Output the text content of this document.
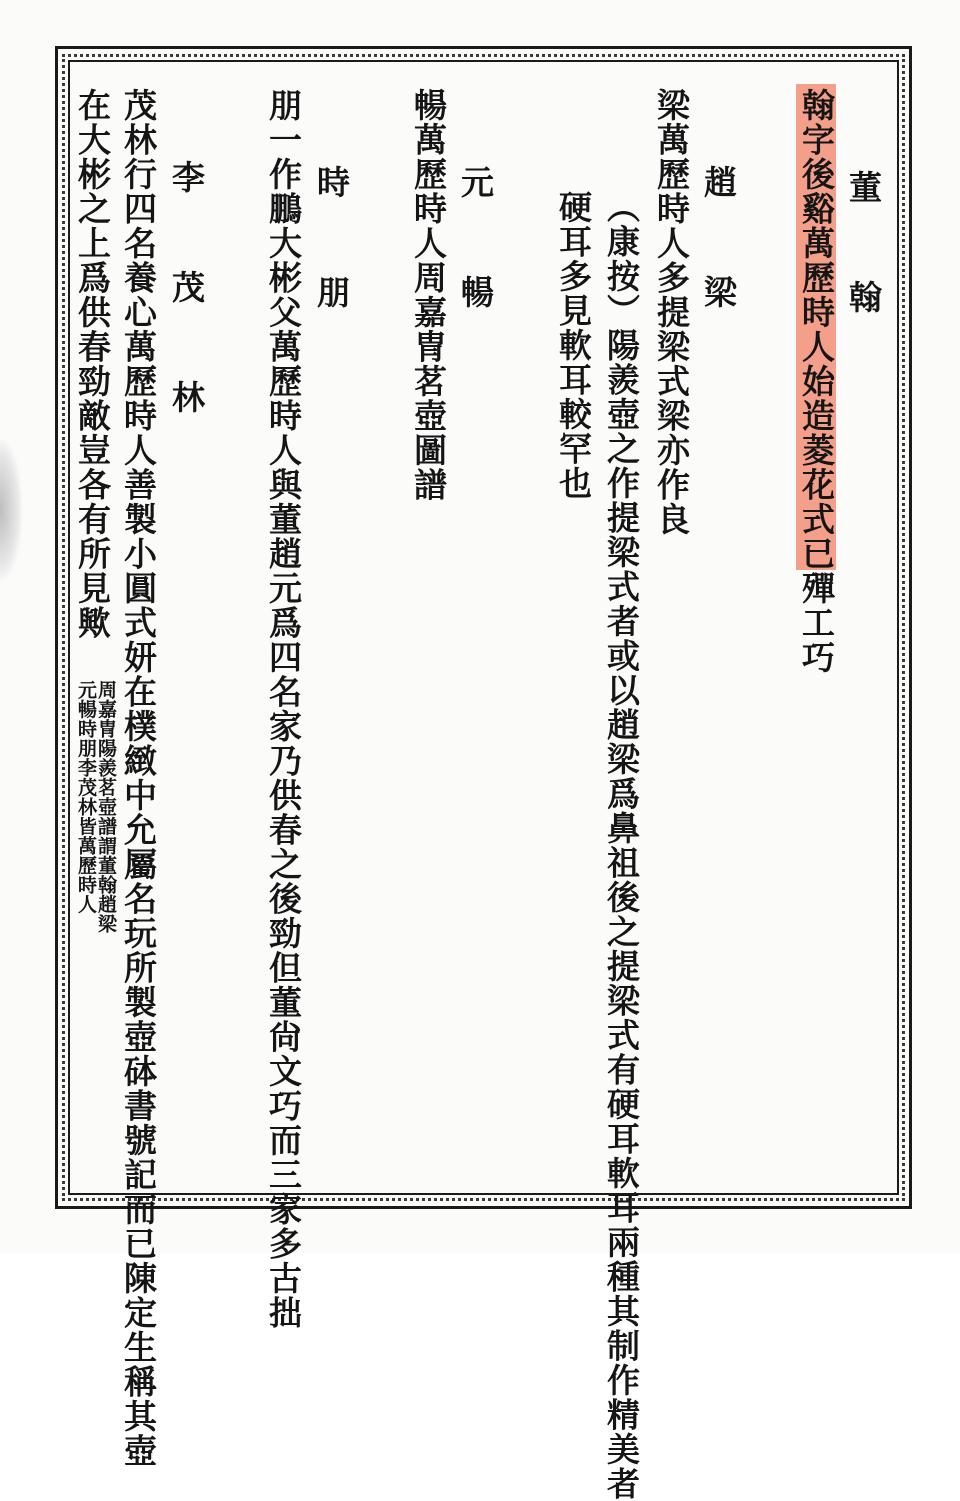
董　翰
翰字後谿萬歷時人始造菱花式已殫工巧
趙　梁
梁萬歷時人多提梁式梁亦作良
（康按）陽羨壺之作提梁式者或以趙梁爲鼻祖後之提梁式有硬耳軟耳兩種其制作精美者
硬耳多見軟耳較罕也
元　暢
暢萬歷時人周嘉冑茗壺圖譜
時　朋
朋一作鵬大彬父萬歷時人與董趙元爲四名家乃供春之後勁但董尙文巧而三家多古拙
李　茂　林
茂林行四名養心萬歷時人善製小圓式妍在樸緻中允屬名玩所製壺砵書號記而已陳定生稱其壺
在大彬之上爲供春勁敵豈各有所見歟
周嘉冑陽羨茗壺譜謂董翰趙梁
元暢時朋李茂林皆萬歷時人
